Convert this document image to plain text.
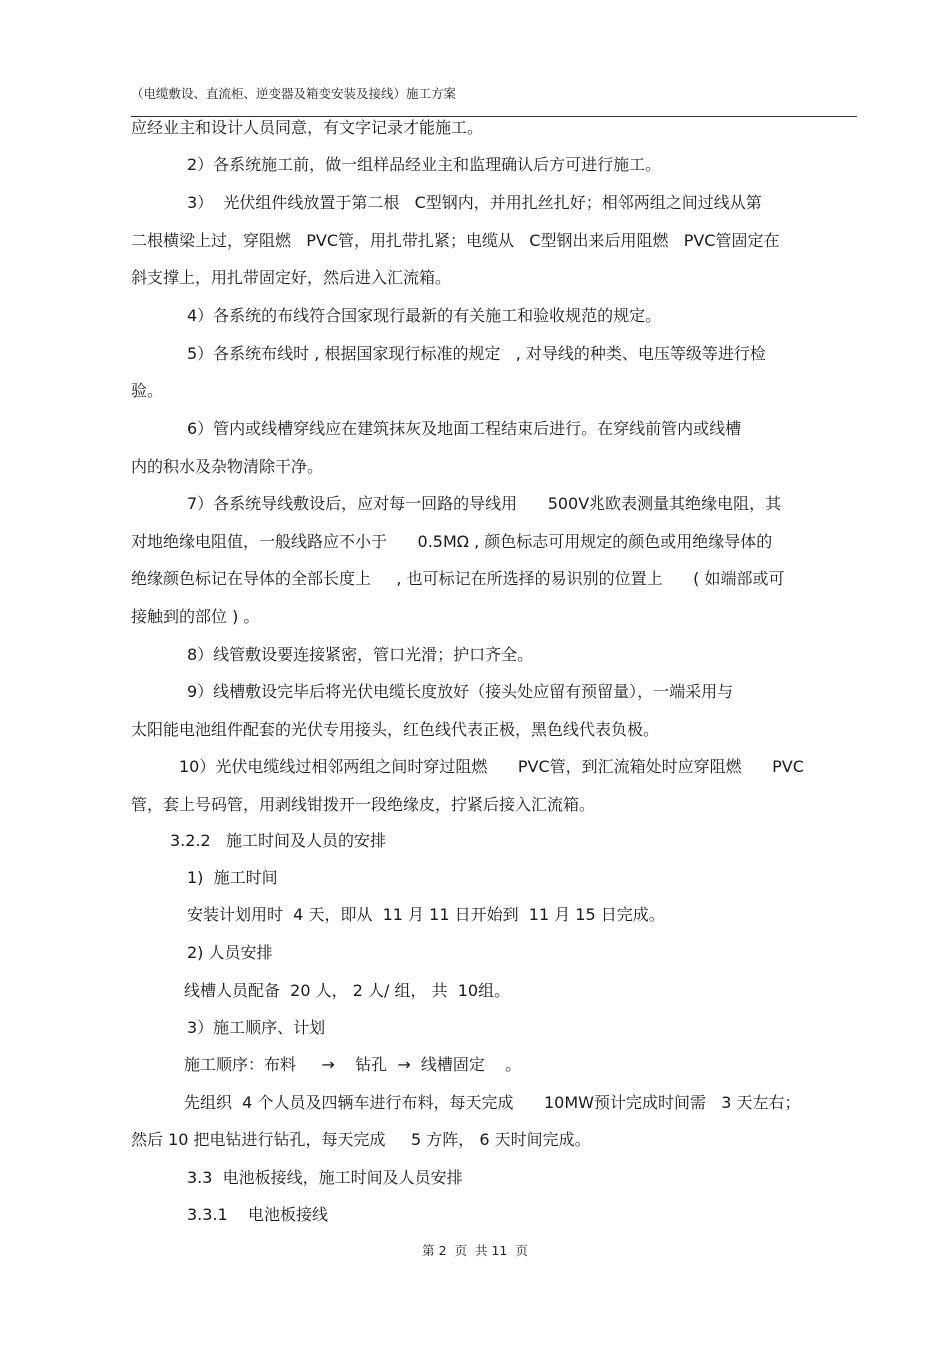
（电缆敷设、直流柜、逆变器及箱变安装及接线）施工方案
应经业主和设计人员同意，有文字记录才能施工。
2）各系统施工前，做一组样品经业主和监理确认后方可进行施工。
3）  光伏组件线放置于第二根   C型钢内，并用扎丝扎好；相邻两组之间过线从第
二根横梁上过，穿阻燃   PVC管，用扎带扎紧；电缆从   C型钢出来后用阻燃   PVC管固定在
斜支撑上，用扎带固定好，然后进入汇流箱。
4）各系统的布线符合国家现行最新的有关施工和验收规范的规定。
5）各系统布线时 , 根据国家现行标准的规定   , 对导线的种类、电压等级等进行检
验。
6）管内或线槽穿线应在建筑抹灰及地面工程结束后进行。在穿线前管内或线槽
内的积水及杂物清除干净。
7）各系统导线敷设后，应对每一回路的导线用      500V兆欧表测量其绝缘电阻，其
对地绝缘电阻值，一般线路应不小于      0.5MΩ , 颜色标志可用规定的颜色或用绝缘导体的
绝缘颜色标记在导体的全部长度上     , 也可标记在所选择的易识别的位置上      ( 如端部或可
接触到的部位 ) 。
8）线管敷设要连接紧密，管口光滑；护口齐全。
9）线槽敷设完毕后将光伏电缆长度放好（接头处应留有预留量），一端采用与
太阳能电池组件配套的光伏专用接头，红色线代表正极，黑色线代表负极。
10）光伏电缆线过相邻两组之间时穿过阻燃      PVC管，到汇流箱处时应穿阻燃      PVC
管，套上号码管，用剥线钳拨开一段绝缘皮，拧紧后接入汇流箱。
3.2.2   施工时间及人员的安排
1)  施工时间
安装计划用时  4 天，即从  11 月 11 日开始到  11 月 15 日完成。
2) 人员安排
线槽人员配备  20 人， 2 人/ 组， 共  10组。
3）施工顺序、计划
施工顺序：布料     →    钻孔  →  线槽固定    。
先组织  4 个人员及四辆车进行布料，每天完成      10MW预计完成时间需   3 天左右；
然后 10 把电钻进行钻孔，每天完成     5 方阵， 6 天时间完成。
3.3  电池板接线，施工时间及人员安排
3.3.1    电池板接线
第 2  页  共 11  页
